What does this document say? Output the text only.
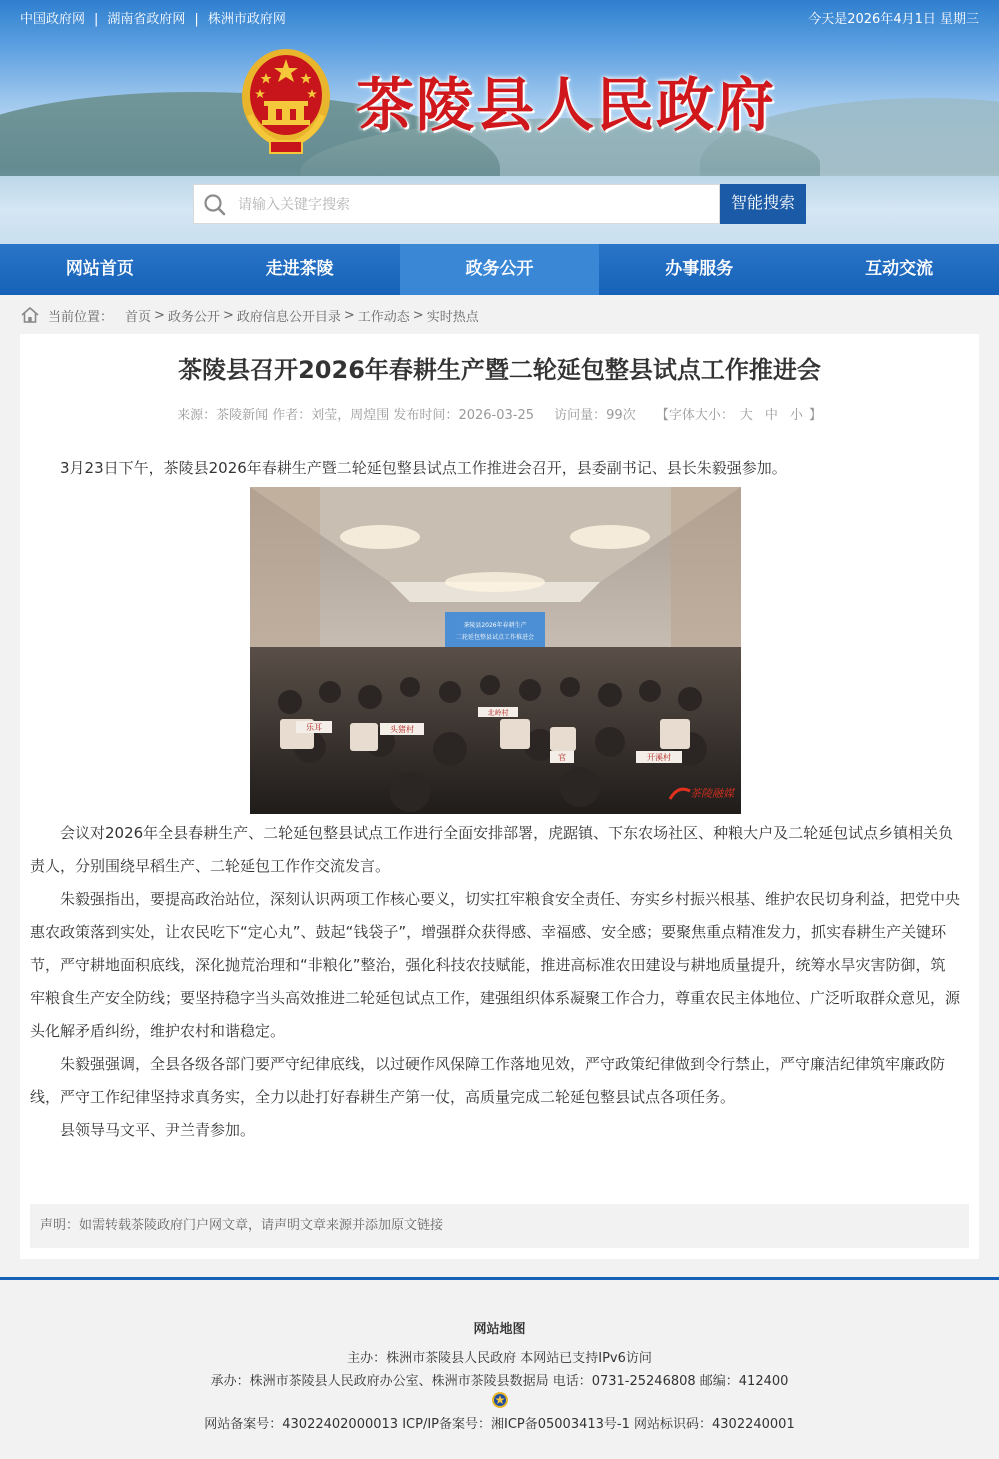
中国政府网 | 湖南省政府网 | 株洲市政府网	今天是2026年4月1日 星期三
茶陵县人民政府
请输入关键字搜索
智能搜索
网站首页	走进茶陵	政务公开	办事服务	互动交流
当前位置： 首页 > 政务公开 > 政府信息公开目录 > 工作动态 > 实时热点
茶陵县召开2026年春耕生产暨二轮延包整县试点工作推进会
来源：茶陵新闻 作者：刘莹，周煌围 发布时间：2026-03-25 访问量：99次 【字体大小： 大 中 小 】

3月23日下午，茶陵县2026年春耕生产暨二轮延包整县试点工作推进会召开，县委副书记、县长朱毅强参加。

茶陵县2026年春耕生产
二轮延包整县试点工作推进会
乐耳	头猪村
北岭村
官	开溪村
茶陵融媒

会议对2026年全县春耕生产、二轮延包整县试点工作进行全面安排部署，虎踞镇、下东农场社区、种粮大户及二轮延包试点乡镇相关负责人，分别围绕早稻生产、二轮延包工作作交流发言。

朱毅强指出，要提高政治站位，深刻认识两项工作核心要义，切实扛牢粮食安全责任、夯实乡村振兴根基、维护农民切身利益，把党中央惠农政策落到实处，让农民吃下“定心丸”、鼓起“钱袋子”，增强群众获得感、幸福感、安全感；要聚焦重点精准发力，抓实春耕生产关键环节，严守耕地面积底线，深化抛荒治理和“非粮化”整治，强化科技农技赋能，推进高标准农田建设与耕地质量提升，统筹水旱灾害防御，筑牢粮食生产安全防线；要坚持稳字当头高效推进二轮延包试点工作，建强组织体系凝聚工作合力，尊重农民主体地位、广泛听取群众意见，源头化解矛盾纠纷，维护农村和谐稳定。

朱毅强强调，全县各级各部门要严守纪律底线，以过硬作风保障工作落地见效，严守政策纪律做到令行禁止，严守廉洁纪律筑牢廉政防线，严守工作纪律坚持求真务实，全力以赴打好春耕生产第一仗，高质量完成二轮延包整县试点各项任务。

县领导马文平、尹兰青参加。

声明：如需转载茶陵政府门户网文章，请声明文章来源并添加原文链接
网站地图
主办：株洲市茶陵县人民政府 本网站已支持IPv6访问
承办：株洲市茶陵县人民政府办公室、株洲市茶陵县数据局 电话：0731-25246808 邮编：412400
网站备案号：43022402000013 ICP/IP备案号：湘ICP备05003413号-1 网站标识码：4302240001
